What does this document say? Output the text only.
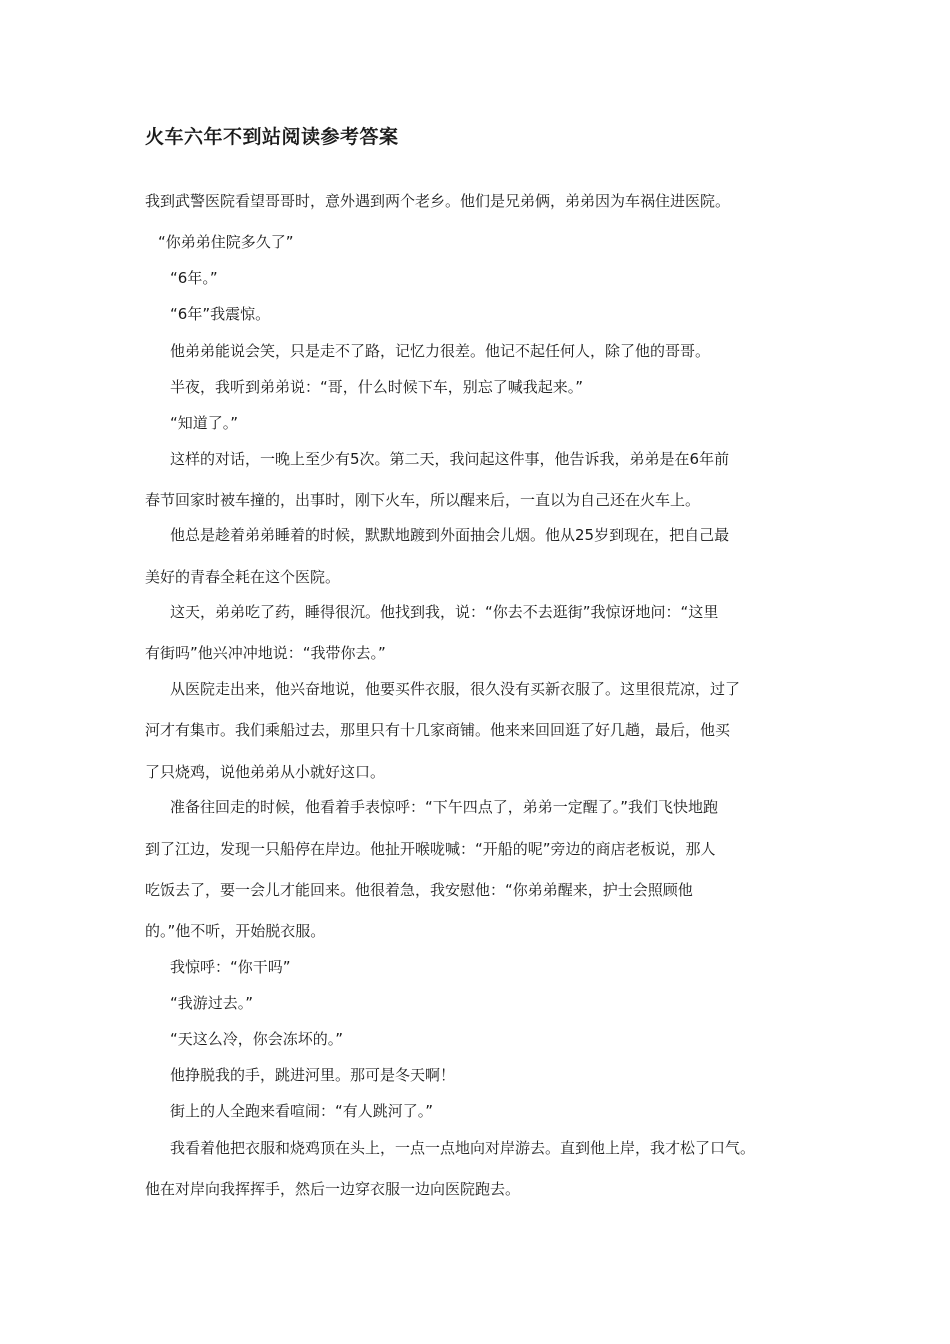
火车六年不到站阅读参考答案

我到武警医院看望哥哥时，意外遇到两个老乡。他们是兄弟俩，弟弟因为车祸住进医院。

“你弟弟住院多久了”

“6年。”

“6年”我震惊。

他弟弟能说会笑，只是走不了路，记忆力很差。他记不起任何人，除了他的哥哥。

半夜，我听到弟弟说：“哥，什么时候下车，别忘了喊我起来。”

“知道了。”

这样的对话，一晚上至少有5次。第二天，我问起这件事，他告诉我，弟弟是在6年前

春节回家时被车撞的，出事时，刚下火车，所以醒来后，一直以为自己还在火车上。

他总是趁着弟弟睡着的时候，默默地踱到外面抽会儿烟。他从25岁到现在，把自己最

美好的青春全耗在这个医院。

这天，弟弟吃了药，睡得很沉。他找到我，说：“你去不去逛街”我惊讶地问：“这里

有街吗”他兴冲冲地说：“我带你去。”

从医院走出来，他兴奋地说，他要买件衣服，很久没有买新衣服了。这里很荒凉，过了

河才有集市。我们乘船过去，那里只有十几家商铺。他来来回回逛了好几趟，最后，他买

了只烧鸡，说他弟弟从小就好这口。

准备往回走的时候，他看着手表惊呼：“下午四点了，弟弟一定醒了。”我们飞快地跑

到了江边，发现一只船停在岸边。他扯开喉咙喊：“开船的呢”旁边的商店老板说，那人

吃饭去了，要一会儿才能回来。他很着急，我安慰他：“你弟弟醒来，护士会照顾他

的。”他不听，开始脱衣服。

我惊呼：“你干吗”

“我游过去。”

“天这么冷，你会冻坏的。”

他挣脱我的手，跳进河里。那可是冬天啊！

街上的人全跑来看喧闹：“有人跳河了。”

我看着他把衣服和烧鸡顶在头上，一点一点地向对岸游去。直到他上岸，我才松了口气。

他在对岸向我挥挥手，然后一边穿衣服一边向医院跑去。
